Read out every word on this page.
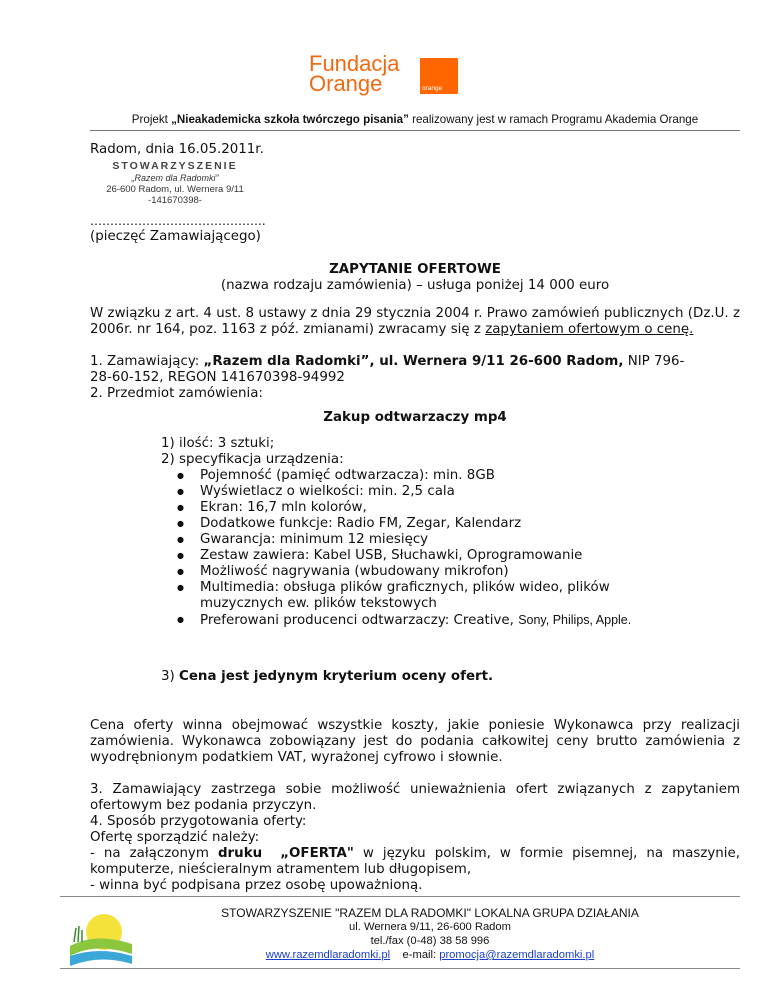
Fundacja
Orange	orange
Projekt „Nieakademicka szkoła twórczego pisania” realizowany jest w ramach Programu Akademia Orange
Radom, dnia 16.05.2011r.
STOWARZYSZENIE
„Razem dla Radomki”
26-600 Radom, ul. Wernera 9/11
-141670398-
……………………………………..
(pieczęć Zamawiającego)
ZAPYTANIE OFERTOWE
(nazwa rodzaju zamówienia) – usługa poniżej 14 000 euro
W związku z art. 4 ust. 8 ustawy z dnia 29 stycznia 2004 r. Prawo zamówień publicznych (Dz.U. z 2006r. nr 164, poz. 1163 z póź. zmianami) zwracamy się z zapytaniem ofertowym o cenę.
1. Zamawiający: „Razem dla Radomki”, ul. Wernera 9/11 26-600 Radom, NIP 796-
28-60-152, REGON 141670398-94992
2. Przedmiot zamówienia:
Zakup odtwarzaczy mp4
1) ilość: 3 sztuki;
2) specyfikacja urządzenia:
● Pojemność (pamięć odtwarzacza): min. 8GB
● Wyświetlacz o wielkości: min. 2,5 cala
● Ekran: 16,7 mln kolorów,
● Dodatkowe funkcje: Radio FM, Zegar, Kalendarz
● Gwarancja: minimum 12 miesięcy
● Zestaw zawiera: Kabel USB, Słuchawki, Oprogramowanie
● Możliwość nagrywania (wbudowany mikrofon)
● Multimedia: obsługa plików graficznych, plików wideo, plików muzycznych ew. plików tekstowych
● Preferowani producenci odtwarzaczy: Creative, Sony, Philips, Apple.
3) Cena jest jedynym kryterium oceny ofert.
Cena oferty winna obejmować wszystkie koszty, jakie poniesie Wykonawca przy realizacji zamówienia. Wykonawca zobowiązany jest do podania całkowitej ceny brutto zamówienia z wyodrębnionym podatkiem VAT, wyrażonej cyfrowo i słownie.
3. Zamawiający zastrzega sobie możliwość unieważnienia ofert związanych z zapytaniem ofertowym bez podania przyczyn.
4. Sposób przygotowania oferty:
Ofertę sporządzić należy:
- na załączonym druku „OFERTA" w języku polskim, w formie pisemnej, na maszynie, komputerze, nieścieralnym atramentem lub długopisem,
- winna być podpisana przez osobę upoważnioną.
STOWARZYSZENIE "RAZEM DLA RADOMKI" LOKALNA GRUPA DZIAŁANIA
ul. Wernera 9/11, 26-600 Radom
tel./fax (0-48) 38 58 996
www.razemdlaradomki.pl e-mail: promocja@razemdlaradomki.pl
